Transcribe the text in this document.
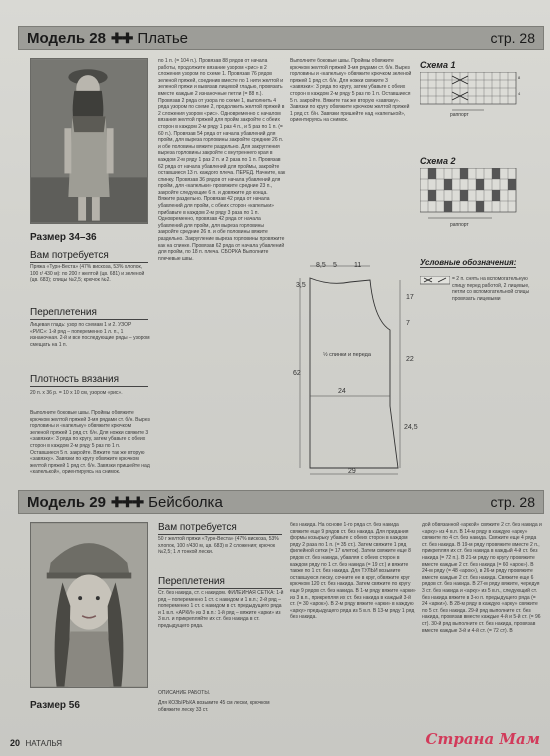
Модель 28 ✚✚ Платье	стр. 28
Размер 34–36
Вам потребуется
Пряжа «Турн-Веста» (47% вискоза, 53% хлопок, 100 г/ 430 м): по 200 г желтой (цв. 681) и зеленой (цв. 683); спицы №2,5; крючок №2.
Переплетения
Лицевая гладь: узор по схемам 1 и 2. УЗОР «РИС»: 1-й ряд – попеременно 1 л. п., 1 изнаночная. 2-й и все последующие ряды – узором смещать на 1 п.
Плотность вязания
20 п. х 36 р. = 10 х 10 см, узором «рис».
Выполните боковые швы. Проймы обвяжите крючком желтой пряжей 3-мя рядами ст. б/н. Вырез горловины и «капельку» обвяжите крючком зеленой пряжей 1 ряд ст. б/н. Для ножки свяжите 3 «завязки»: 3 ряда по кругу, затем убавьте с обеих сторон в каждом 2-м ряду 5 раз по 1 п. Оставшиеся 5 п. закройте. Вяжите так же вторую «завязку». Завязки по кругу обвяжите крючком желтой пряжей 1 ряд ст. б/н. Завязки пришейте над «капелькой», ориентируясь на снимок.
по 1 п. (= 104 п.). Провязав 88 рядов от начала работы, продолжите вязание узором «рис» в 2 сложения узором по схеме 1. Провязав 76 рядов зеленой пряжей, соединив вместе по 1 нити желтой и зеленой пряжи и вывязав лицевой гладью, провязать вместе каждые 2 изнаночные петли (= 88 п.). Провязав 2 ряда от узора по схеме 1, выполнить 4 ряда узором по схеме 2, продолжить желтой пряжей в 2 сложения узором «рис». Одновременно с началом вязания желтой пряжей для пройм закройте с обеих сторон в каждом 2-м ряду 1 раз 4 п., и 5 раз по 1 п. (= 60 п.). Провязав 54 ряда от начала убавлений для пройм, для выреза горловины закройте средние 26 п. и обе половины вяжите раздельно. Для закругления выреза горловины закройте с внутреннего края в каждом 2-м ряду 1 раз 2 п. и 2 раза по 1 п. Провязав 62 ряда от начала убавлений для проймы, закройте оставшиеся 13 п. каждого плеча. ПЕРЕД. Начните, как спинку. Провязав 36 рядов от начала убавлений для пройм, для «капельки» провяжите средние 23 п., закройте следующие 6 п. и довяжите до конца. Вяжите раздельно. Провязав 42 ряда от начала убавлений для пройм, с обеих сторон «капельки» прибавьте в каждом 2-м ряду 3 раза по 1 п. Одновременно, провязав 42 ряда от начала убавлений для пройм, для выреза горловины закройте средние 26 п. и обе половины вяжите раздельно. Закругление выреза горловины провяжите как на спинке. Провязав 62 ряда от начала убавлений для пройм, по 18 п. плеча. СБОРКА Выполните плечевые швы.
Выполните боковые швы. Проймы обвяжите крючком желтой пряжей 3-мя рядами ст. б/н. Вырез горловины и «капельку» обвяжите крючком зеленой пряжей 1 ряд ст. б/н. Для ножки свяжите 3 «завязки»: 3 ряда по кругу, затем убавьте с обеих сторон в каждом 2-м ряду 5 раз по 1 п. Оставшиеся 5 п. закройте. Вяжите так же вторую «завязку». Завязки по кругу обвяжите крючком желтой пряжей 1 ряд ст. б/н. Завязки пришейте над «капелькой», ориентируясь на снимок.
Схема 1
8
4
раппорт
Схема 2
раппорт
Условные обозначения:
= 2 п. снять на вспомогательную спицу перед работой, 2 лицевые, петли со вспомогательной спицы провязать лицевыми
8,5 5 11
3,5
17
7
22
62
24
24,5
29
½ спинки и переда
Модель 29 ✚✚✚ Бейсболка	стр. 28
Размер 56
Вам потребуется
50 г желтой пряжи «Турн-Веста» (47% вискоза, 53% хлопок, 100 г/430 м, цв. 683) в 2 сложения; крючок №2,5; 1 л тонкой лески.
Переплетения
Ст. без накида, ст. с накидом. ФИЛЕЙНАЯ СЕТКА: 1-й ряд – попеременно 1 ст. с накидом и 1 в.п.; 2-й ряд – попеременно 1 ст. с накидом в ст. предыдущего ряда и 1 в.п. «АРКИ» из 3 в.п.: 1-й ряд – вяжите «арки» из 3 в.п. и прикрепляйте их ст. без накида в ст. предыдущего ряда.
ОПИСАНИЕ РАБОТЫ.
Для КОЗЫРЬКА возьмите 45 см лески, крючком обвяжите леску 33 ст.
без накида. На основе 1-го ряда ст. без накида свяжите еще 9 рядов ст. без накида. Для придания формы козырьку убавьте с обеих сторон в каждом ряду 2 раза по 1 п. (= 35 ст.). Затем свяжите 1 ряд филейной сетки (= 17 клеток). Затем свяжите еще 8 рядов ст. без накида, убавляя с обеих сторон в каждом ряду по 1 ст. без накида (= 19 ст.) и вяжите также по 1 ст. без накида. Для ТУЛЬИ возьмите оставшуюся леску, сочните ее в круг, обвяжите круг крючком 120 ст. без накида. Затем свяжите по кругу еще 9 рядов ст. без накида. В 1-м ряду вяжите «арки» из 3 в.п., прикрепляя их ст. без накида в каждый 3-й ст. (= 30 «арок»). В 2-м ряду вяжите «арки» в каждую «арку» предыдущего ряда из 5 в.п. В 13-м ряду 1 ряд без накида.
дой обвязанной «аркой» свяжите 2 ст. без накида и «арку» из 4 в.п. В 14-м ряду в каждую «арку» свяжите по 4 ст. без накида. Свяжите еще 4 ряда ст. без накида. В 19-м ряду провяжите вместе 2 п., прикрепляя их ст. без накида в каждый 4-й ст. без накида (= 72 п.). В 21-м ряду по кругу провяжите вместе каждые 2 ст. без накида (= 60 «арок»). В 24-м ряду (= 48 «арок»), в 26-м ряду провяжите вместе каждые 2 ст. без накида. Свяжите еще 6 рядов ст. без накида. В 27-м ряду вяжите, чередуя 3 ст. без накида и «арку» из 5 в.п., следующий ст. без накида вяжите в 3-ю п. предыдущего ряда (= 24 «арки»). В 28-м ряду в каждую «арку» свяжите по 5 ст. без накида. 29-й ряд выполните ст. без накида, провязав вместе каждые 4-й и 5-й ст. (= 96 ст). 30-й ряд выполните ст. без накида, провязав вместе каждые 3-й и 4-й ст. (= 72 ст). В
20 НАТАЛЬЯ	Страна Мам
